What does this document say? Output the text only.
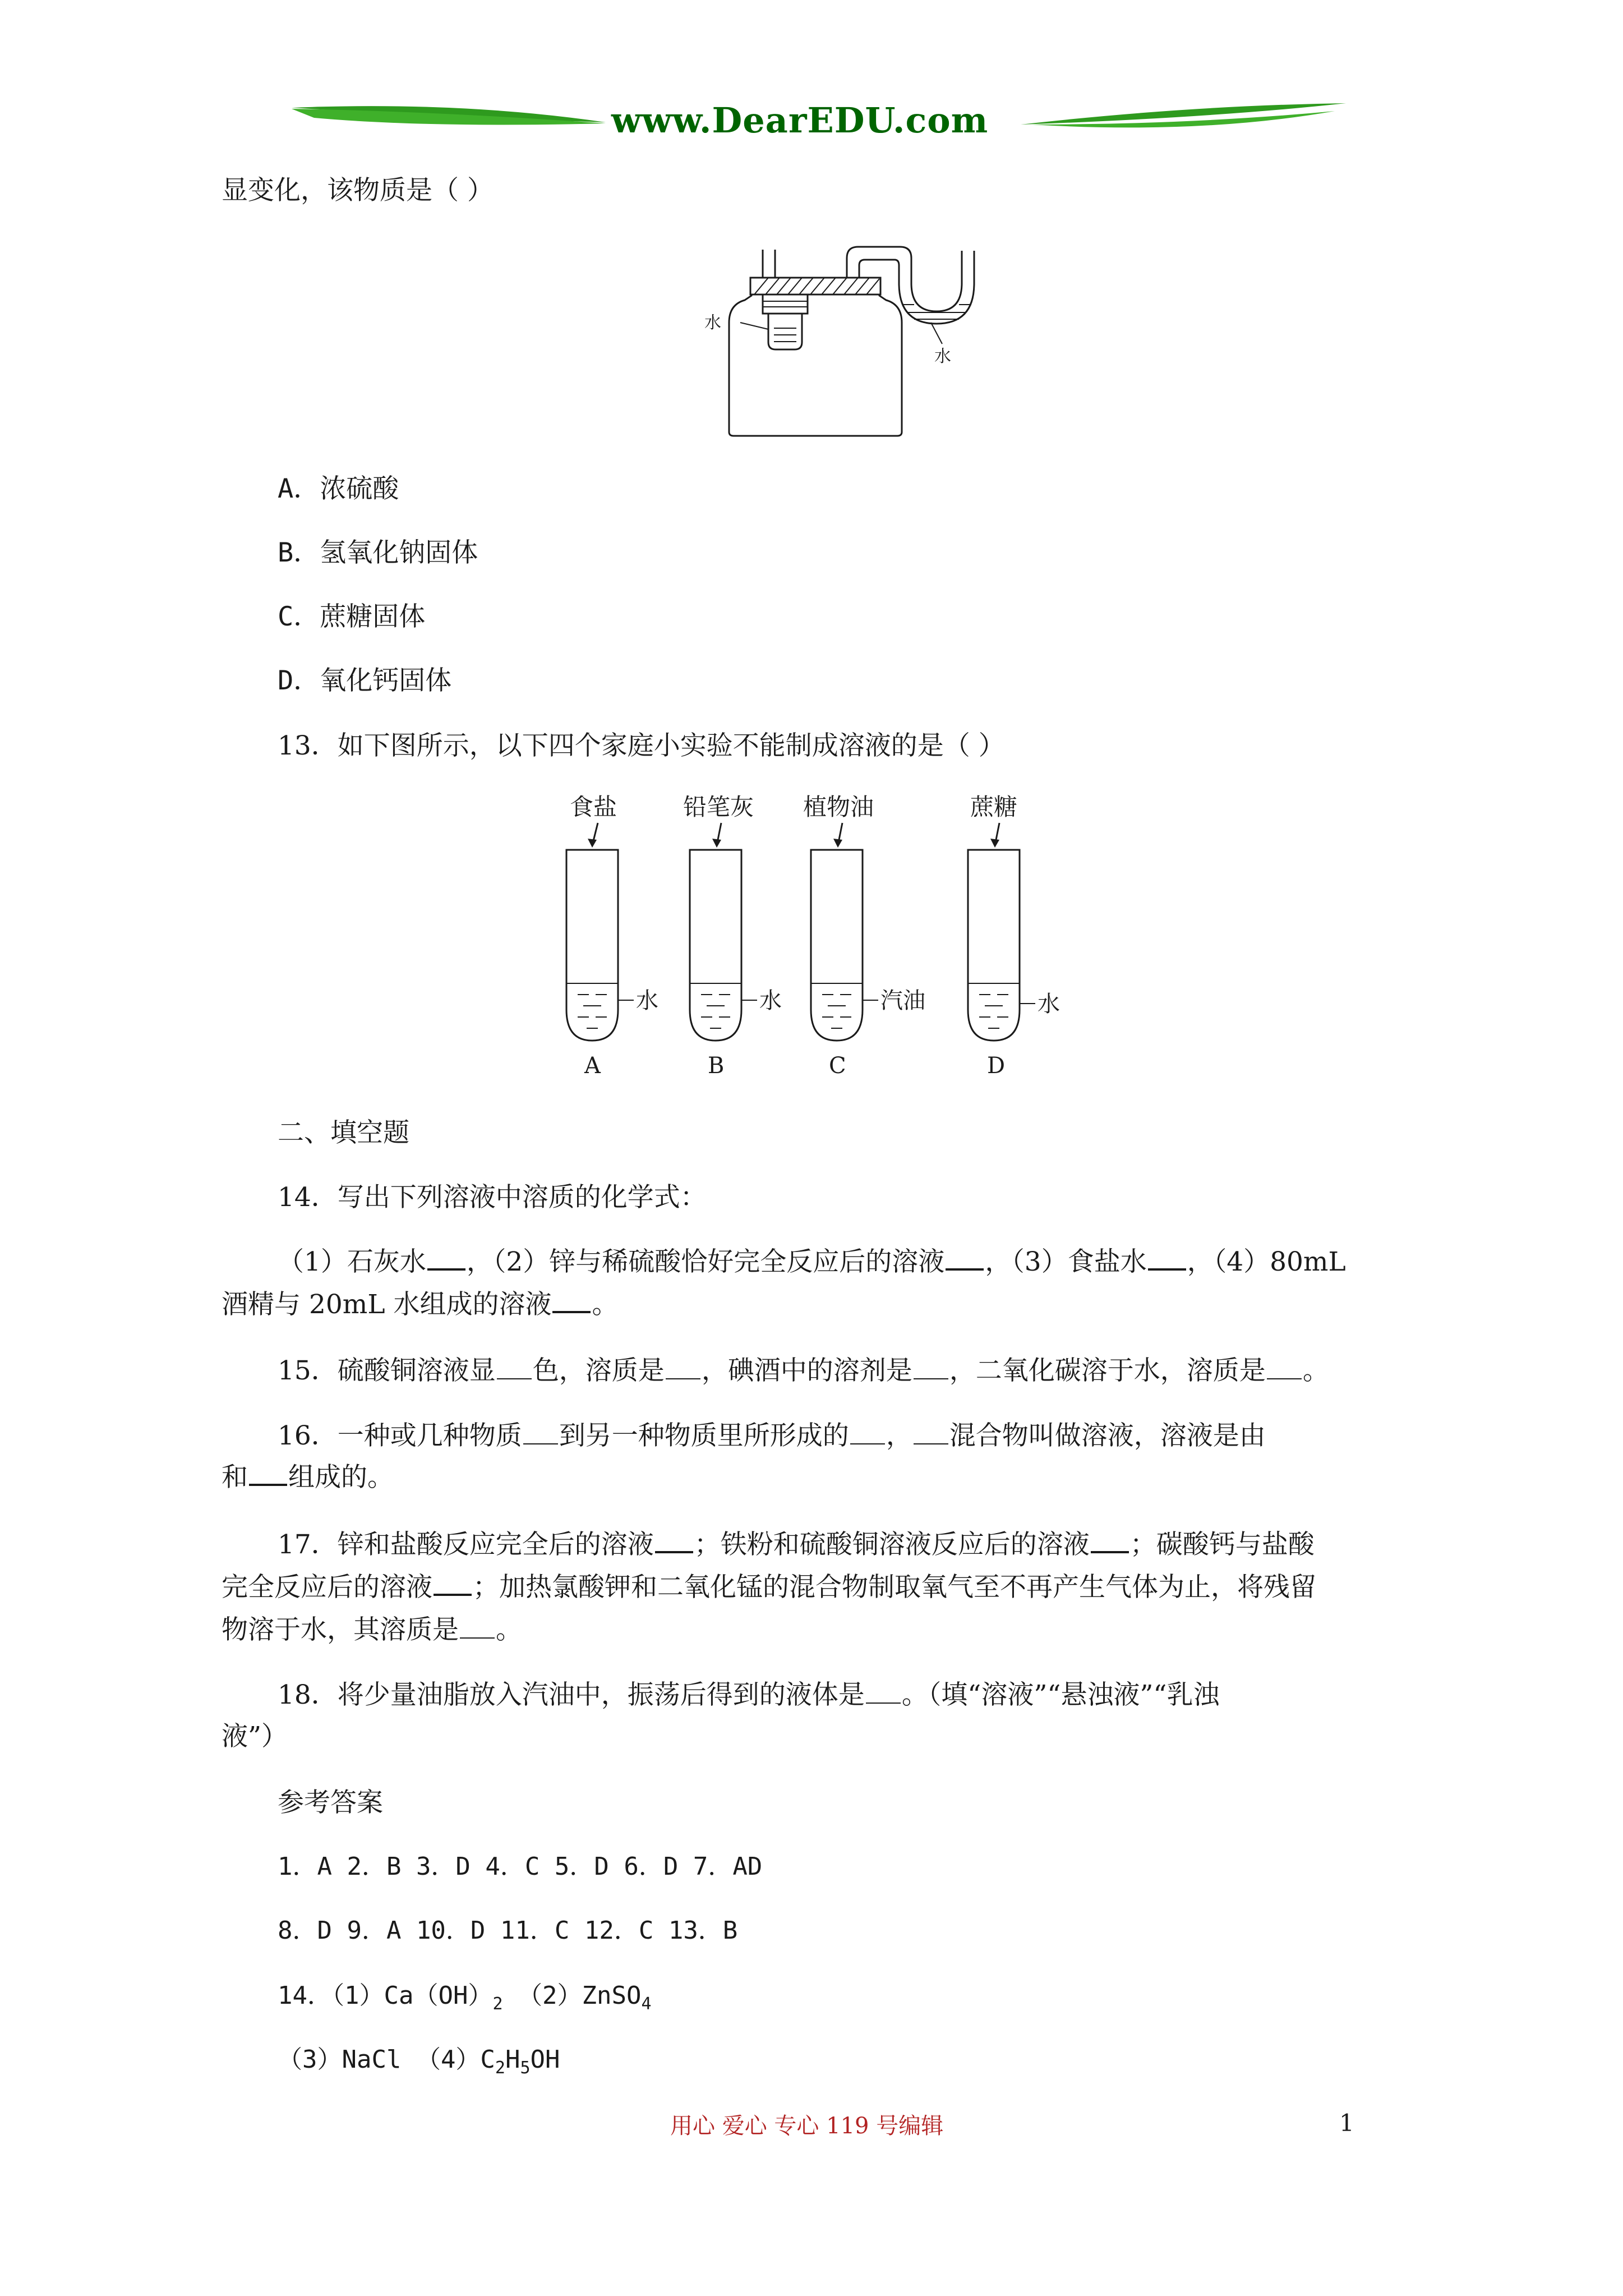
www.DearEDU.com
显变化，该物质是（ ）
水
水
A．浓硫酸
B．氢氧化钠固体
C．蔗糖固体
D．氧化钙固体
13．如下图所示，以下四个家庭小实验不能制成溶液的是（ ）
食盐
水
A
铅笔灰
水
B
植物油
汽油
C
蔗糖
水
D
二、填空题
14．写出下列溶液中溶质的化学式：
（1）石灰水 ，（2）锌与稀硫酸恰好完全反应后的溶液 ，（3）食盐水 ，（4）80mL
酒精与 20mL 水组成的溶液 。
15．硫酸铜溶液显 色，溶质是 ，碘酒中的溶剂是 ，二氧化碳溶于水，溶质是 。
16．一种或几种物质 到另一种物质里所形成的 ， 混合物叫做溶液，溶液是由
和 组成的。
17．锌和盐酸反应完全后的溶液 ；铁粉和硫酸铜溶液反应后的溶液 ；碳酸钙与盐酸
完全反应后的溶液 ；加热氯酸钾和二氧化锰的混合物制取氧气至不再产生气体为止，将残留
物溶于水，其溶质是 。
18．将少量油脂放入汽油中，振荡后得到的液体是 。（填“溶液”“悬浊液”“乳浊
液”）
参考答案
1．A 2．B 3．D 4．C 5．D 6．D 7．AD
8．D 9．A 10．D 11．C 12．C 13．B
14．$(1)Ca(OH)_2$ （2）ZnSO$_4$
（3）NaCl $(4)C_2H_5OH$
用心 爱心 专心 119 号编辑	1
